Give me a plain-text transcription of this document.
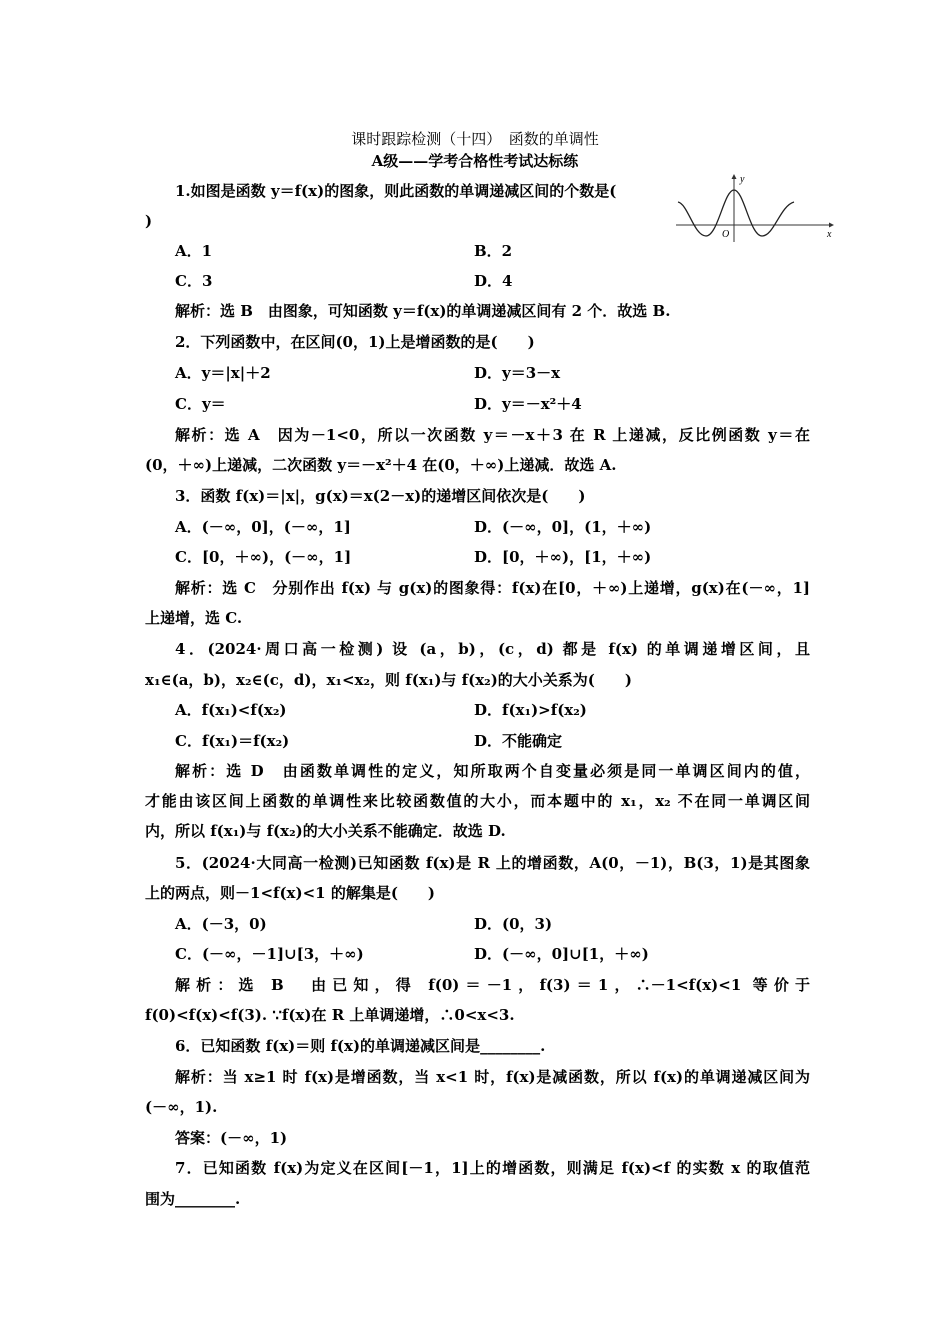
课时跟踪检测（十四）　函数的单调性
A级——学考合格性考试达标练
1.如图是函数 y＝f(x)的图象，则此函数的单调递减区间的个数是(
)
y
x
O
A．1	B．2
C．3	D．4
解析：选 B　由图象，可知函数 y＝f(x)的单调递减区间有 2 个．故选 B.
2．下列函数中，在区间(0，1)上是增函数的是(　　)
A．y＝|x|＋2	D．y＝3－x
C．y＝	D．y＝－x²＋4
解析：选 A　因为－1<0，所以一次函数 y＝－x＋3 在 R 上递减，反比例函数 y＝在
(0，＋∞)上递减，二次函数 y＝－x²＋4 在(0，＋∞)上递减．故选 A.
3．函数 f(x)＝|x|，g(x)＝x(2－x)的递增区间依次是(　　)
A．(－∞，0]，(－∞，1]	D．(－∞，0]，(1，＋∞)
C．[0，＋∞)，(－∞，1]	D．[0，＋∞)，[1，＋∞)
解析：选 C　分别作出 f(x) 与 g(x)的图象得：f(x)在[0，＋∞)上递增，g(x)在(－∞，1]
上递增，选 C.
4．(2024·周口高一检测) 设 (a，b)，(c，d) 都是 f(x) 的单调递增区间，且
x₁∈(a，b)，x₂∈(c，d)，x₁<x₂，则 f(x₁)与 f(x₂)的大小关系为(　　)
A．f(x₁)<f(x₂)	D．f(x₁)>f(x₂)
C．f(x₁)＝f(x₂)	D．不能确定
解析：选 D　由函数单调性的定义，知所取两个自变量必须是同一单调区间内的值，
才能由该区间上函数的单调性来比较函数值的大小，而本题中的 x₁，x₂ 不在同一单调区间
内，所以 f(x₁)与 f(x₂)的大小关系不能确定．故选 D.
5．(2024·大同高一检测)已知函数 f(x)是 R 上的增函数，A(0，－1)，B(3，1)是其图象
上的两点，则－1<f(x)<1 的解集是(　　)
A．(－3，0)	D．(0，3)
C．(－∞，－1]∪[3，＋∞)	D．(－∞，0]∪[1，＋∞)
解析：选 B　由已知，得 f(0)＝－1，f(3)＝1，∴－1<f(x)<1 等价于
f(0)<f(x)<f(3). ∵f(x)在 R 上单调递增，∴0<x<3.
6．已知函数 f(x)＝则 f(x)的单调递减区间是________.
解析：当 x≥1 时 f(x)是增函数，当 x<1 时，f(x)是减函数，所以 f(x)的单调递减区间为
(－∞，1).
答案：(－∞，1)
7．已知函数 f(x)为定义在区间[－1，1]上的增函数，则满足 f(x)<f 的实数 x 的取值范
围为________.
